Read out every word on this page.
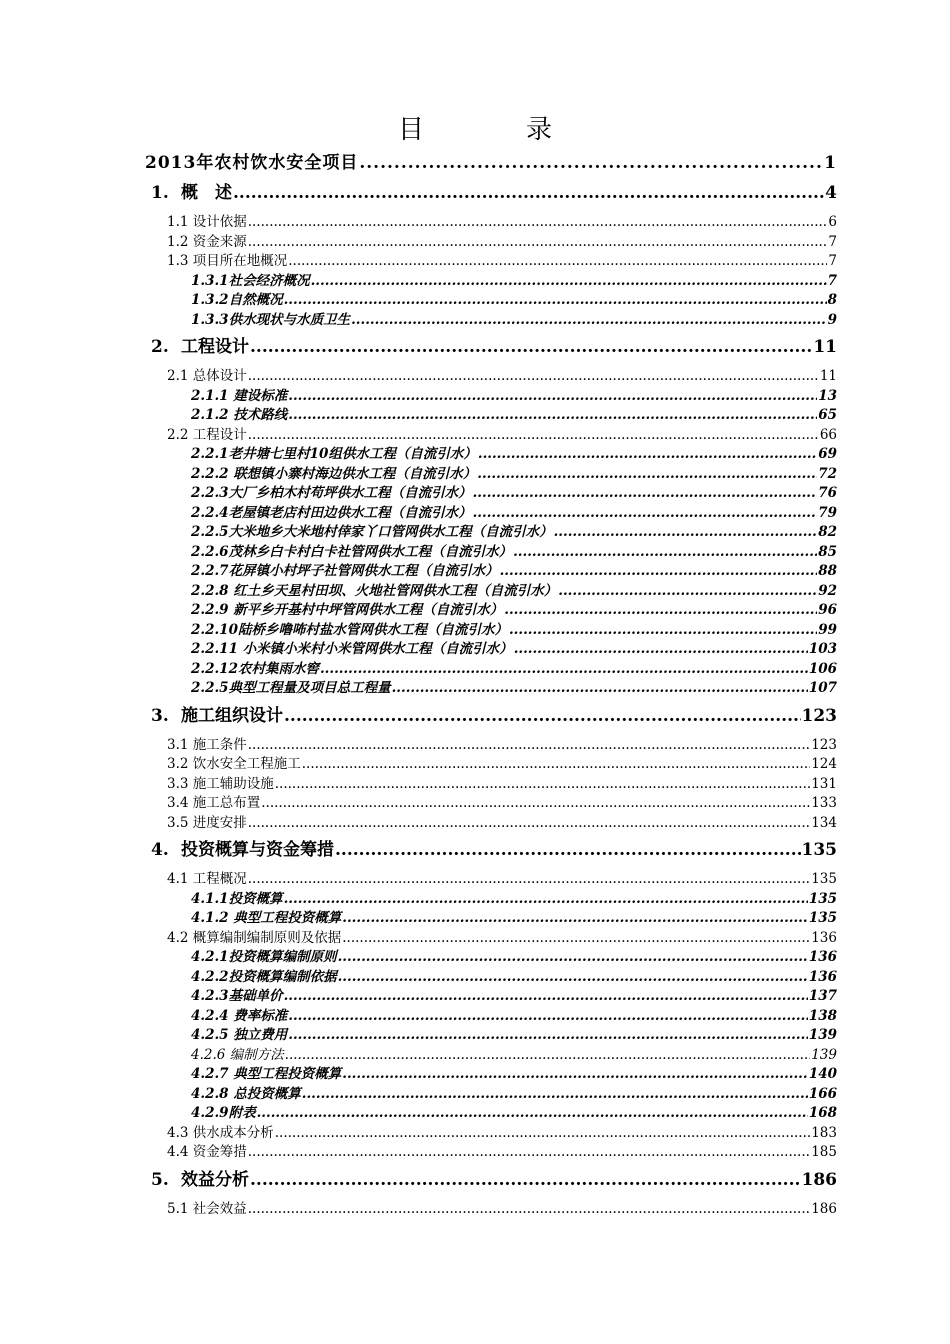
目　录
2013年农村饮水安全项目 .....	1
1. 概　述 .....	4
1.1 设计依据 .....	6
1.2 资金来源 .....	7
1.3 项目所在地概况 .....	7
1.3.1社会经济概况 .....	7
1.3.2自然概况 .....	8
1.3.3供水现状与水质卫生 .....	9
2. 工程设计 .....	11
2.1 总体设计 .....	11
2.1.1 建设标准 .....	13
2.1.2 技术路线 .....	65
2.2 工程设计 .....	66
2.2.1老井塘七里村10组供水工程（自流引水） .....	69
2.2.2 联想镇小寨村海边供水工程（自流引水） .....	72
2.2.3大厂乡柏木村苟坪供水工程（自流引水） .....	76
2.2.4老屋镇老店村田边供水工程（自流引水） .....	79
2.2.5大米地乡大米地村倖家丫口管网供水工程（自流引水） .....	82
2.2.6茂林乡白卡村白卡社管网供水工程（自流引水） .....	85
2.2.7花屏镇小村坪子社管网供水工程（自流引水） .....	88
2.2.8 红土乡天星村田坝、火地社管网供水工程（自流引水） .....	92
2.2.9 新平乡开基村中坪管网供水工程（自流引水） .....	96
2.2.10陆桥乡噜咘村盐水管网供水工程（自流引水） .....	99
2.2.11 小米镇小米村小米管网供水工程（自流引水） .....	103
2.2.12农村集雨水窖 .....	106
2.2.5典型工程量及项目总工程量 .....	107
3. 施工组织设计 .....	123
3.1 施工条件 .....	123
3.2 饮水安全工程施工 .....	124
3.3 施工辅助设施 .....	131
3.4 施工总布置 .....	133
3.5 进度安排 .....	134
4. 投资概算与资金筹措 .....	135
4.1 工程概况 .....	135
4.1.1投资概算 .....	135
4.1.2 典型工程投资概算 .....	135
4.2 概算编制编制原则及依据 .....	136
4.2.1投资概算编制原则 .....	136
4.2.2投资概算编制依据 .....	136
4.2.3基础单价 .....	137
4.2.4 费率标准 .....	138
4.2.5 独立费用 .....	139
4.2.6 编制方法 .....	139
4.2.7 典型工程投资概算 .....	140
4.2.8 总投资概算 .....	166
4.2.9附表 .....	168
4.3 供水成本分析 .....	183
4.4 资金筹措 .....	185
5. 效益分析 .....	186
5.1 社会效益 .....	186
